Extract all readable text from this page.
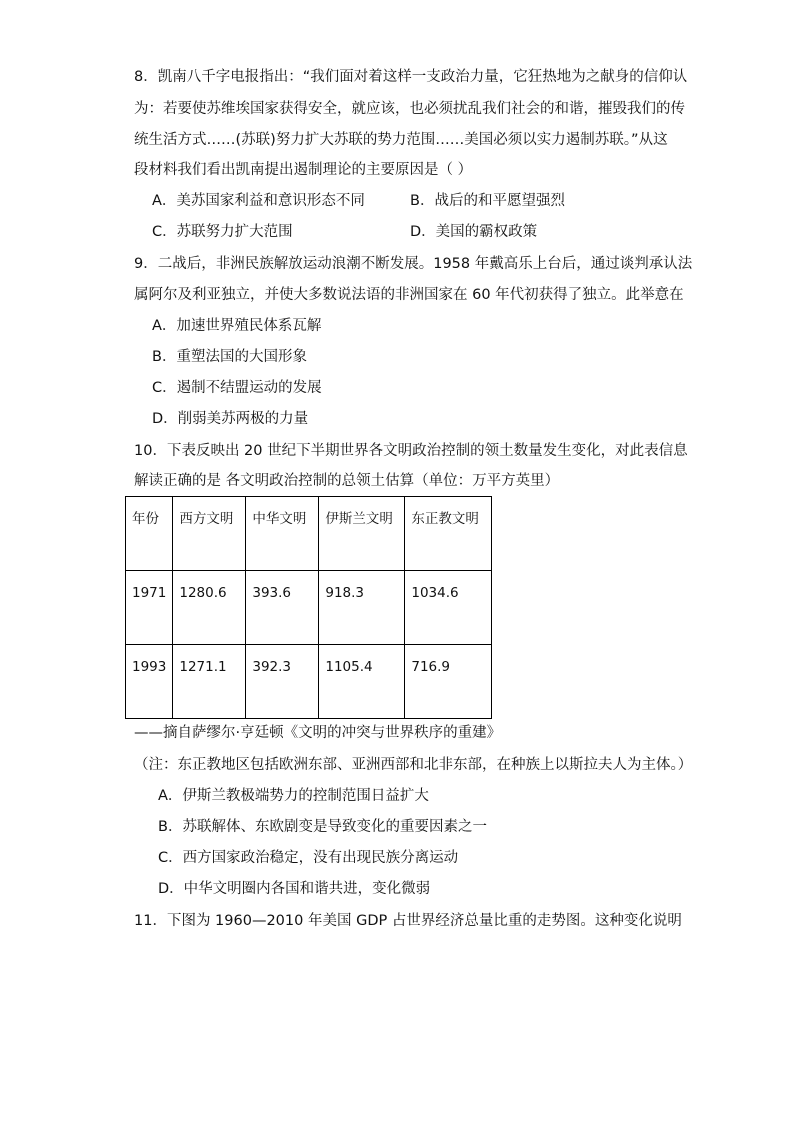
8．凯南八千字电报指出：“我们面对着这样一支政治力量，它狂热地为之献身的信仰认
为：若要使苏维埃国家获得安全，就应该，也必须扰乱我们社会的和谐，摧毁我们的传
统生活方式……(苏联)努力扩大苏联的势力范围……美国必须以实力遏制苏联。”从这
段材料我们看出凯南提出遏制理论的主要原因是（ ）
A．美苏国家利益和意识形态不同	B．战后的和平愿望强烈
C．苏联努力扩大范围	D．美国的霸权政策
9．二战后，非洲民族解放运动浪潮不断发展。1958 年戴高乐上台后，通过谈判承认法
属阿尔及利亚独立，并使大多数说法语的非洲国家在 60 年代初获得了独立。此举意在
A．加速世界殖民体系瓦解
B．重塑法国的大国形象
C．遏制不结盟运动的发展
D．削弱美苏两极的力量
10．下表反映出 20 世纪下半期世界各文明政治控制的领土数量发生变化，对此表信息
解读正确的是 各文明政治控制的总领土估算（单位：万平方英里）
年份	西方文明	中华文明	伊斯兰文明	东正教文明
1971	1280.6	393.6	918.3	1034.6
1993	1271.1	392.3	1105.4	716.9
——摘自萨缪尔·亨廷顿《文明的冲突与世界秩序的重建》
（注：东正教地区包括欧洲东部、亚洲西部和北非东部，在种族上以斯拉夫人为主体。）
A．伊斯兰教极端势力的控制范围日益扩大
B．苏联解体、东欧剧变是导致变化的重要因素之一
C．西方国家政治稳定，没有出现民族分离运动
D．中华文明圈内各国和谐共进，变化微弱
11．下图为 1960—2010 年美国 GDP 占世界经济总量比重的走势图。这种变化说明
